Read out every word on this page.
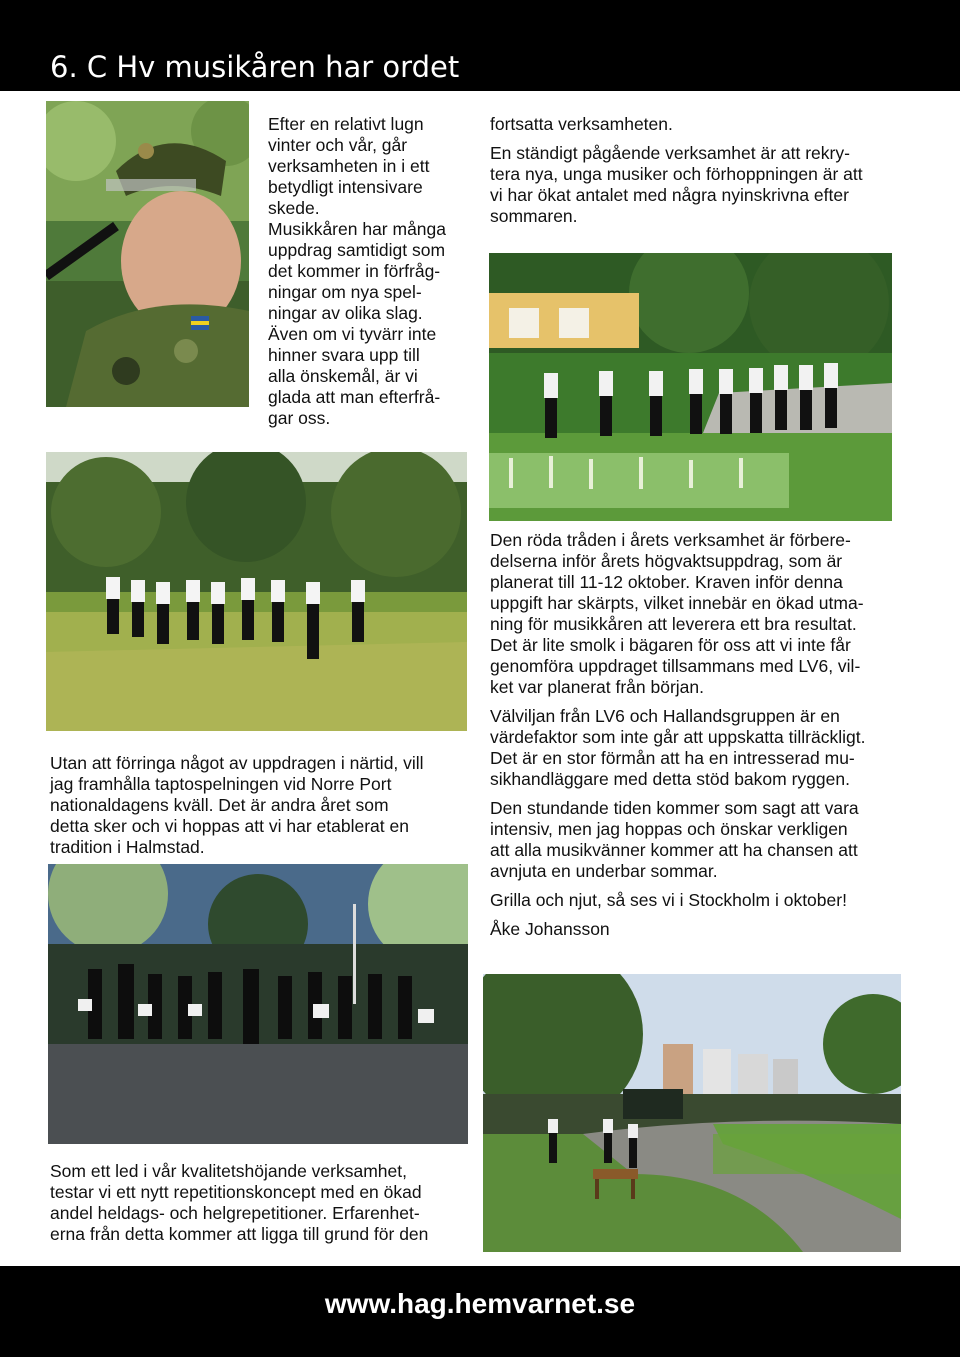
6. C Hv musikåren har ordet
Efter en relativt lugn
vinter och vår, går
verksamheten in i ett
betydligt intensivare
skede.
Musikkåren har många
uppdrag samtidigt som
det kommer in förfråg-
ningar om nya spel-
ningar av olika slag.
Även om vi tyvärr inte
hinner svara upp till
alla önskemål, är vi
glada att man efterfrå-
gar oss.

fortsatta verksamheten.

En ständigt pågående verksamhet är att rekry-
tera nya, unga musiker och förhoppningen är att
vi har ökat antalet med några nyinskrivna efter
sommaren.

Utan att förringa något av uppdragen i närtid, vill
jag framhålla taptospelningen vid Norre Port
nationaldagens kväll. Det är andra året som
detta sker och vi hoppas att vi har etablerat en
tradition i Halmstad.

Den röda tråden i årets verksamhet är förbere-
delserna inför årets högvaktsuppdrag, som är
planerat till 11-12 oktober. Kraven inför denna
uppgift har skärpts, vilket innebär en ökad utma-
ning för musikkåren att leverera ett bra resultat.
Det är lite smolk i bägaren för oss att vi inte får
genomföra uppdraget tillsammans med LV6, vil-
ket var planerat från början.

Välviljan från LV6 och Hallandsgruppen är en
värdefaktor som inte går att uppskatta tillräckligt.
Det är en stor förmån att ha en intresserad mu-
sikhandläggare med detta stöd bakom ryggen.

Den stundande tiden kommer som sagt att vara
intensiv, men jag hoppas och önskar verkligen
att alla musikvänner kommer att ha chansen att
avnjuta en underbar sommar.

Grilla och njut, så ses vi i Stockholm i oktober!

Åke Johansson

Som ett led i vår kvalitetshöjande verksamhet,
testar vi ett nytt repetitionskoncept med en ökad
andel heldags- och helgrepetitioner. Erfarenhet-
erna från detta kommer att ligga till grund för den
www.hag.hemvarnet.se
